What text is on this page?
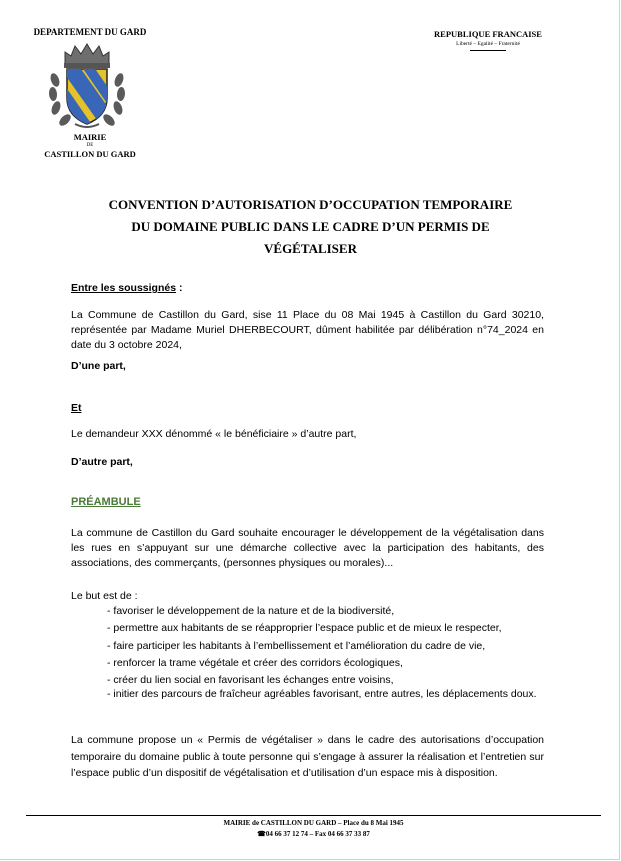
DEPARTEMENT DU GARD
MAIRIE
DE
CASTILLON DU GARD
REPUBLIQUE FRANCAISE
Liberté – Egalité – Fraternité
CONVENTION D’AUTORISATION D’OCCUPATION TEMPORAIRE
DU DOMAINE PUBLIC DANS LE CADRE D’UN PERMIS DE
VÉGÉTALISER
Entre les soussignés :
La Commune de Castillon du Gard, sise 11 Place du 08 Mai 1945 à Castillon du Gard 30210, représentée par Madame Muriel DHERBECOURT, dûment habilitée par délibération n°74_2024 en date du 3 octobre 2024,
D’une part,
Et
Le demandeur XXX dénommé « le bénéficiaire » d’autre part,
D’autre part,
PRÉAMBULE
La commune de Castillon du Gard souhaite encourager le développement de la végétalisation dans les rues en s’appuyant sur une démarche collective avec la participation des habitants, des associations, des commerçants, (personnes physiques ou morales)...
Le but est de :
- favoriser le développement de la nature et de la biodiversité,
- permettre aux habitants de se réapproprier l’espace public et de mieux le respecter,
- faire participer les habitants à l’embellissement et l’amélioration du cadre de vie,
- renforcer la trame végétale et créer des corridors écologiques,
- créer du lien social en favorisant les échanges entre voisins,
- initier des parcours de fraîcheur agréables favorisant, entre autres, les déplacements doux.
La commune propose un « Permis de végétaliser » dans le cadre des autorisations d’occupation temporaire du domaine public à toute personne qui s’engage à assurer la réalisation et l’entretien sur l’espace public d’un dispositif de végétalisation et d’utilisation d’un espace mis à disposition.
MAIRIE de CASTILLON DU GARD – Place du 8 Mai 1945
☎04 66 37 12 74 – Fax 04 66 37 33 87
